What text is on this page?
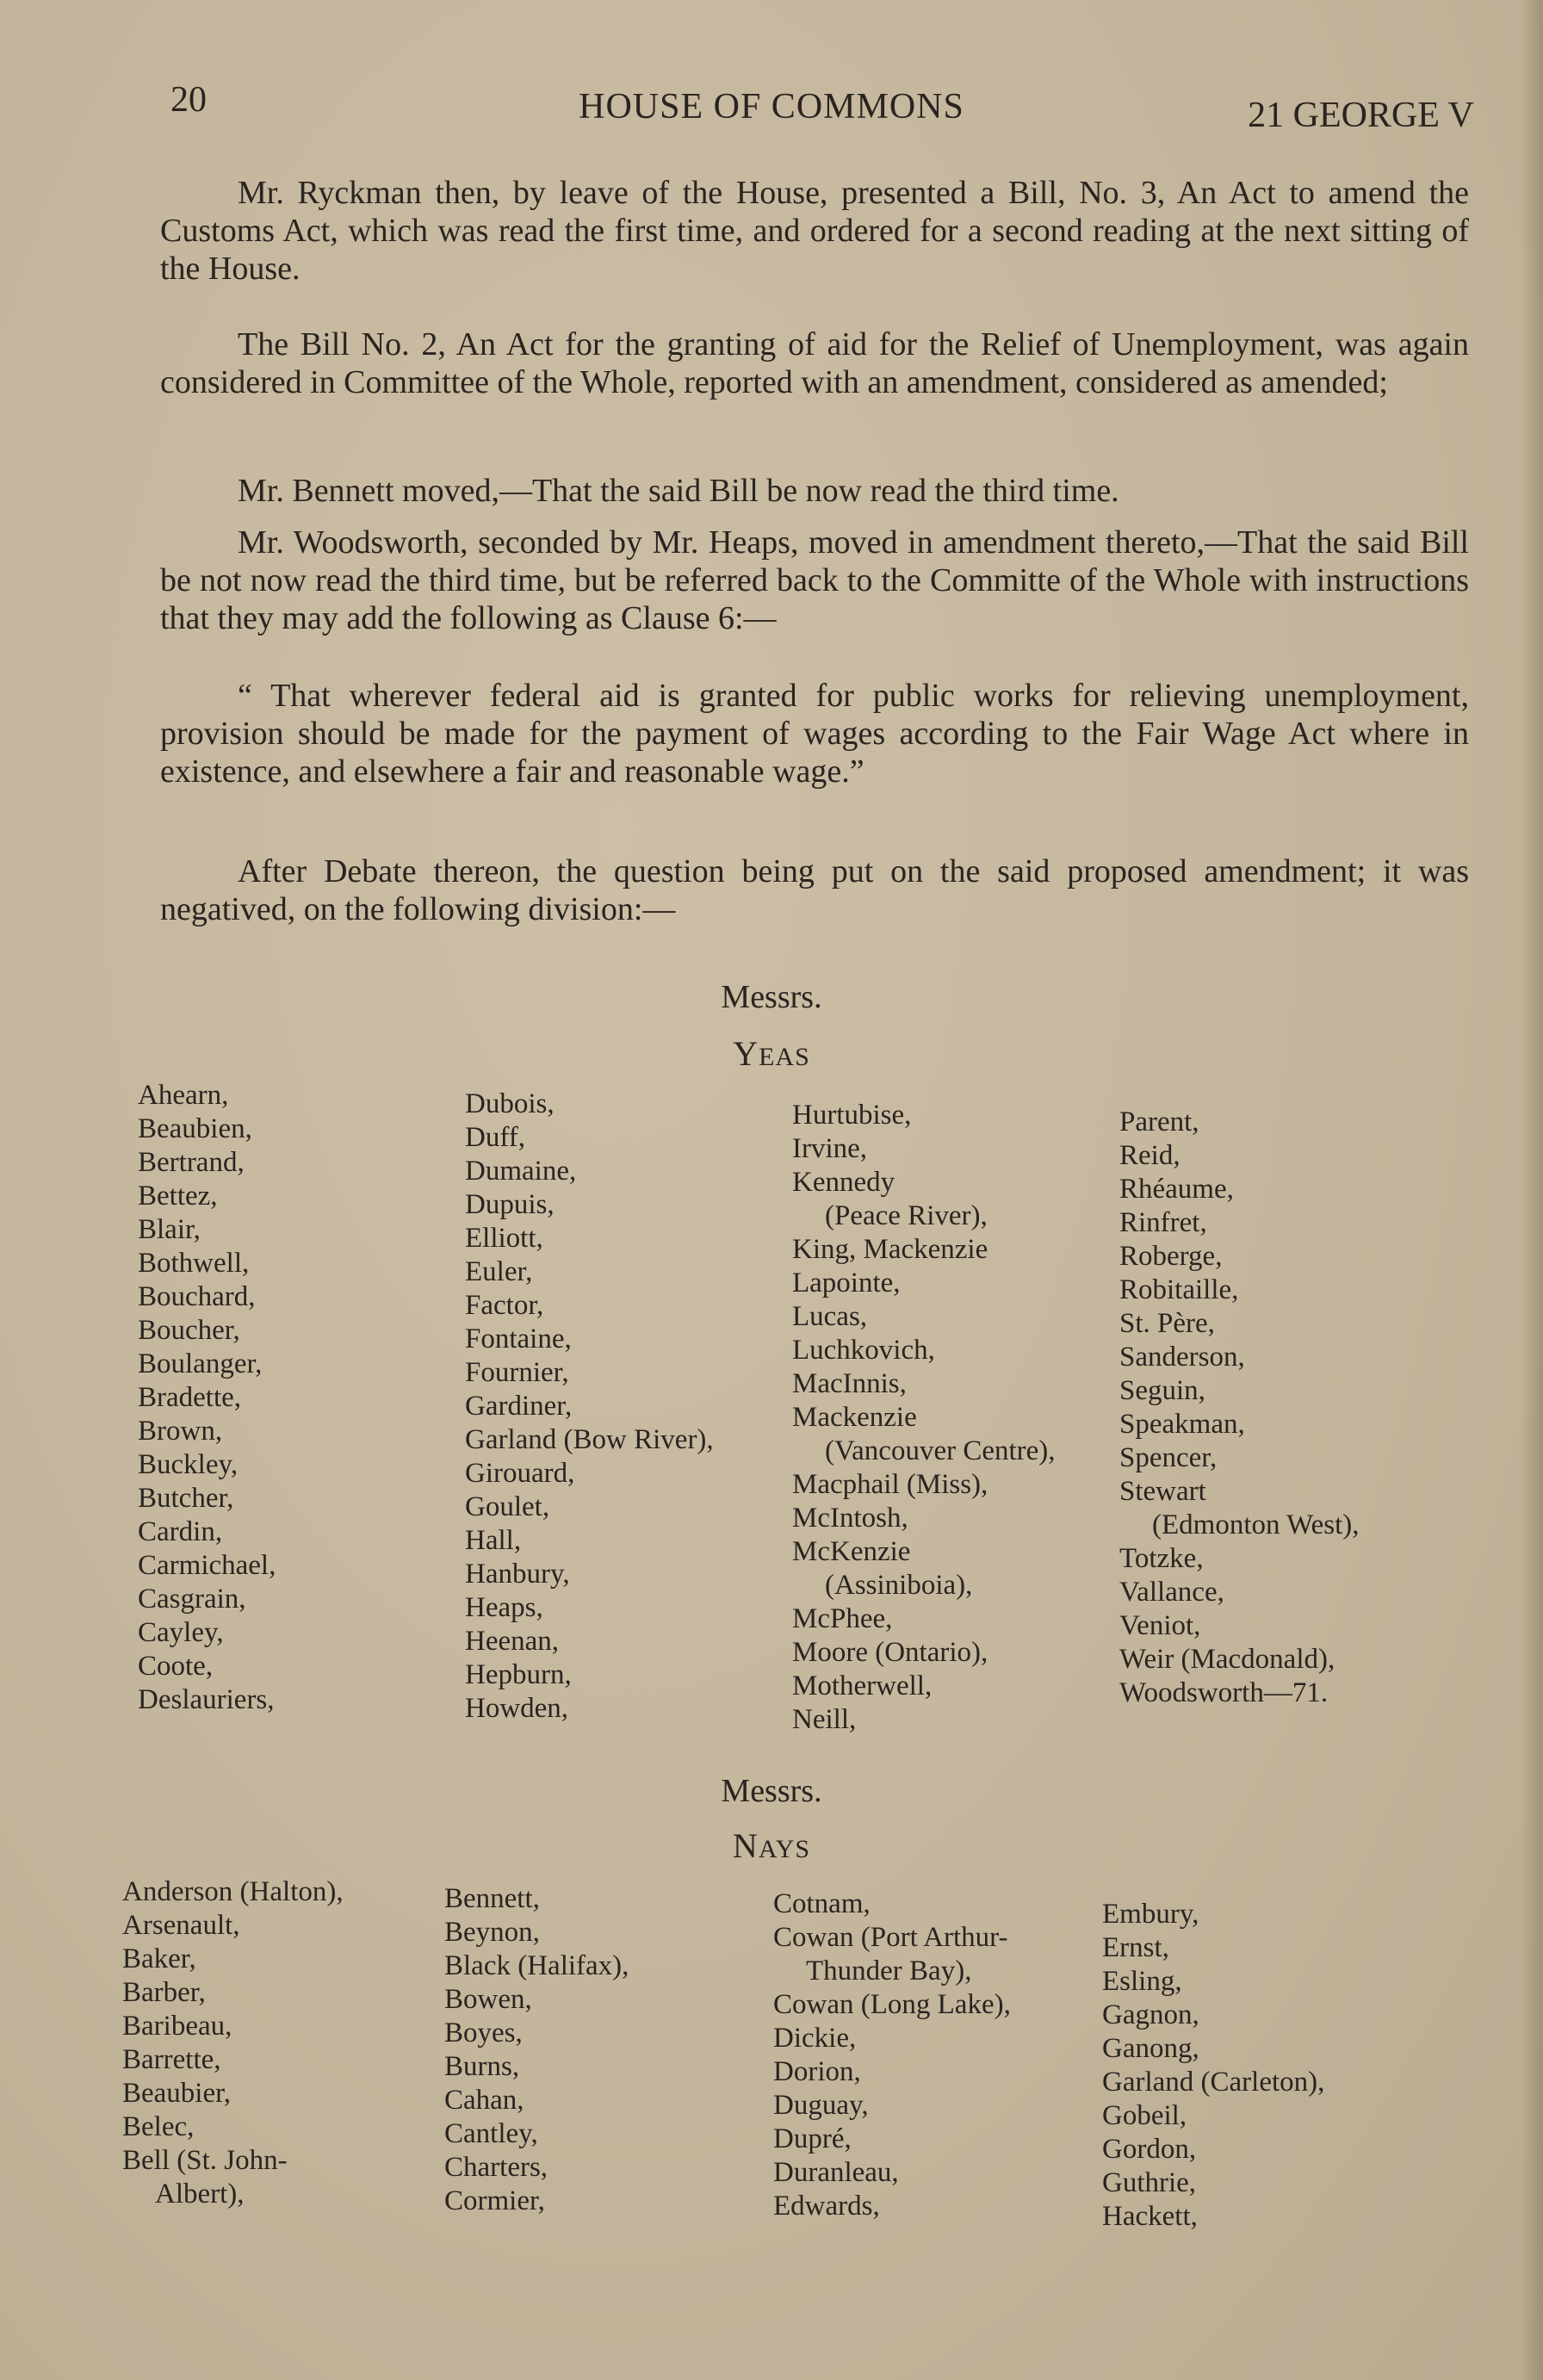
20	HOUSE OF COMMONS	21 GEORGE V

Mr. Ryckman then, by leave of the House, presented a Bill, No. 3, An Act to amend the Customs Act, which was read the first time, and ordered for a second reading at the next sitting of the House.

The Bill No. 2, An Act for the granting of aid for the Relief of Unemployment, was again considered in Committee of the Whole, reported with an amendment, considered as amended;

Mr. Bennett moved,—That the said Bill be now read the third time.

Mr. Woodsworth, seconded by Mr. Heaps, moved in amendment thereto,—That the said Bill be not now read the third time, but be referred back to the Committe of the Whole with instructions that they may add the following as Clause 6:—

“ That wherever federal aid is granted for public works for relieving unemployment, provision should be made for the payment of wages according to the Fair Wage Act where in existence, and elsewhere a fair and reasonable wage.”

After Debate thereon, the question being put on the said proposed amendment; it was negatived, on the following division:—

Messrs.
YEAS
Ahearn,
Beaubien,
Bertrand,
Bettez,
Blair,
Bothwell,
Bouchard,
Boucher,
Boulanger,
Bradette,
Brown,
Buckley,
Butcher,
Cardin,
Carmichael,
Casgrain,
Cayley,
Coote,
Deslauriers,
Dubois,
Duff,
Dumaine,
Dupuis,
Elliott,
Euler,
Factor,
Fontaine,
Fournier,
Gardiner,
Garland (Bow River),
Girouard,
Goulet,
Hall,
Hanbury,
Heaps,
Heenan,
Hepburn,
Howden,
Hurtubise,
Irvine,
Kennedy
(Peace River),
King, Mackenzie
Lapointe,
Lucas,
Luchkovich,
MacInnis,
Mackenzie
(Vancouver Centre),
Macphail (Miss),
McIntosh,
McKenzie
(Assiniboia),
McPhee,
Moore (Ontario),
Motherwell,
Neill,
Parent,
Reid,
Rhéaume,
Rinfret,
Roberge,
Robitaille,
St. Père,
Sanderson,
Seguin,
Speakman,
Spencer,
Stewart
(Edmonton West),
Totzke,
Vallance,
Veniot,
Weir (Macdonald),
Woodsworth—71.
Messrs.
NAYS
Anderson (Halton),
Arsenault,
Baker,
Barber,
Baribeau,
Barrette,
Beaubier,
Belec,
Bell (St. John-
Albert),
Bennett,
Beynon,
Black (Halifax),
Bowen,
Boyes,
Burns,
Cahan,
Cantley,
Charters,
Cormier,
Cotnam,
Cowan (Port Arthur-
Thunder Bay),
Cowan (Long Lake),
Dickie,
Dorion,
Duguay,
Dupré,
Duranleau,
Edwards,
Embury,
Ernst,
Esling,
Gagnon,
Ganong,
Garland (Carleton),
Gobeil,
Gordon,
Guthrie,
Hackett,
